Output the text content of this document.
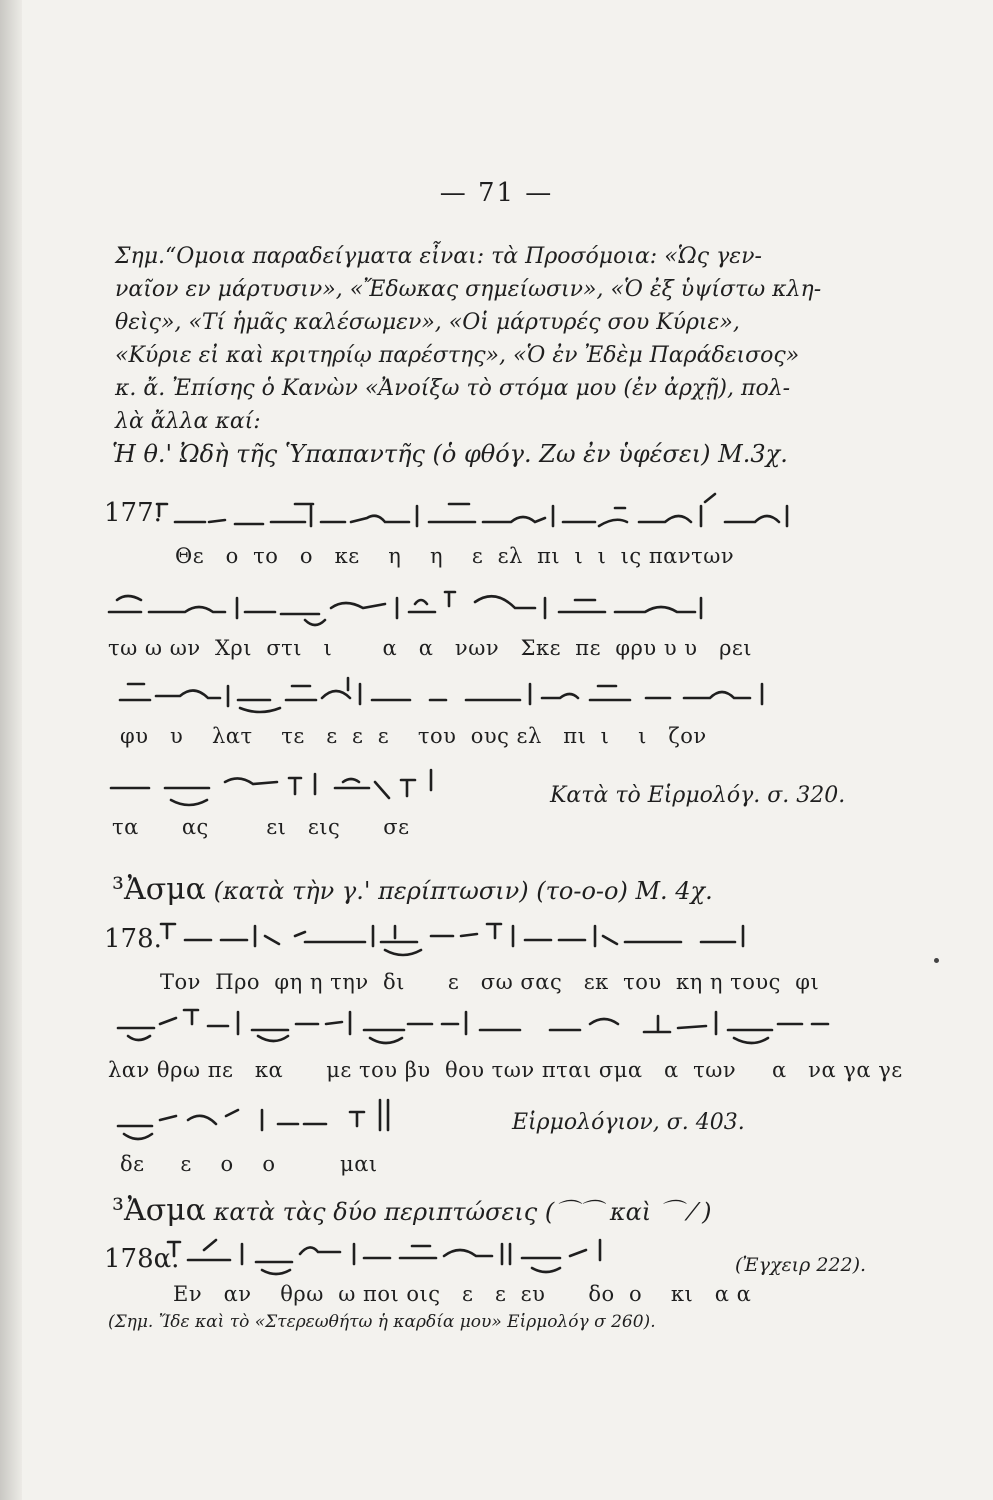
— 71 —
Σημ.“Ομοια παραδείγματα εἶναι: τὰ Προσόμοια: «Ὡς γεν-
ναῖον εν μάρτυσιν», «Ἔδωκας σημείωσιν», «Ὁ ἐξ ὑψίστω κλη-
θεὶς», «Τί ἡμᾶς καλέσωμεν», «Οἱ μάρτυρές σου Κύριε»,
«Κύριε εἰ καὶ κριτηρίῳ παρέστης», «Ὁ ἐν Ἐδὲμ Παράδεισος»
κ. ἄ. Ἐπίσης ὁ Κανὼν «Ἀνοίξω τὸ στόμα μου (ἐν ἀρχῇ), πολ-
λὰ ἄλλα καί:
Ἡ θ.' Ὠδὴ τῆς Ὑπαπαντῆς (ὁ φθόγ. Ζω ἐν ὑφέσει) Μ.3χ.
177.
Θε   ο  το   ο   κε    η    η    ε  ελ  πι  ι  ι  ις παντων
τω ω ων  Χρι  στι   ι       α   α   νων   Σκε  πε  φρυ υ υ   ρει
φυ   υ    λατ    τε   ε  ε  ε    του  ους ελ   πι  ι    ι   ζον
τα      ας        ει   εις      σε
Κατὰ τὸ Εἱρμολόγ. σ. 320.
³Ἀσμα (κατὰ τὴν γ.' περίπτωσιν) (το-ο-ο) Μ. 4χ.
178.
Τον  Προ  φη η την  δι      ε   σω σας   εκ  του  κη η τους  φι
λαν θρω πε   κα      με του βυ  θου των πται σμα   α  των     α   να γα γε
δε     ε    ο    ο         μαι
Εἱρμολόγιον, σ. 403.
³Ἀσμα κατὰ τὰς δύο περιπτώσεις (⌒⌒ καὶ ⌒ ⁄ )
178α.
Εν   αν    θρω  ω ποι οις   ε   ε  ευ      δο  ο    κι   α α
(Ἐγχειρ 222).
(Σημ. Ἴδε καὶ τὸ «Στερεωθήτω ἡ καρδία μου» Εἱρμολόγ σ 260).
